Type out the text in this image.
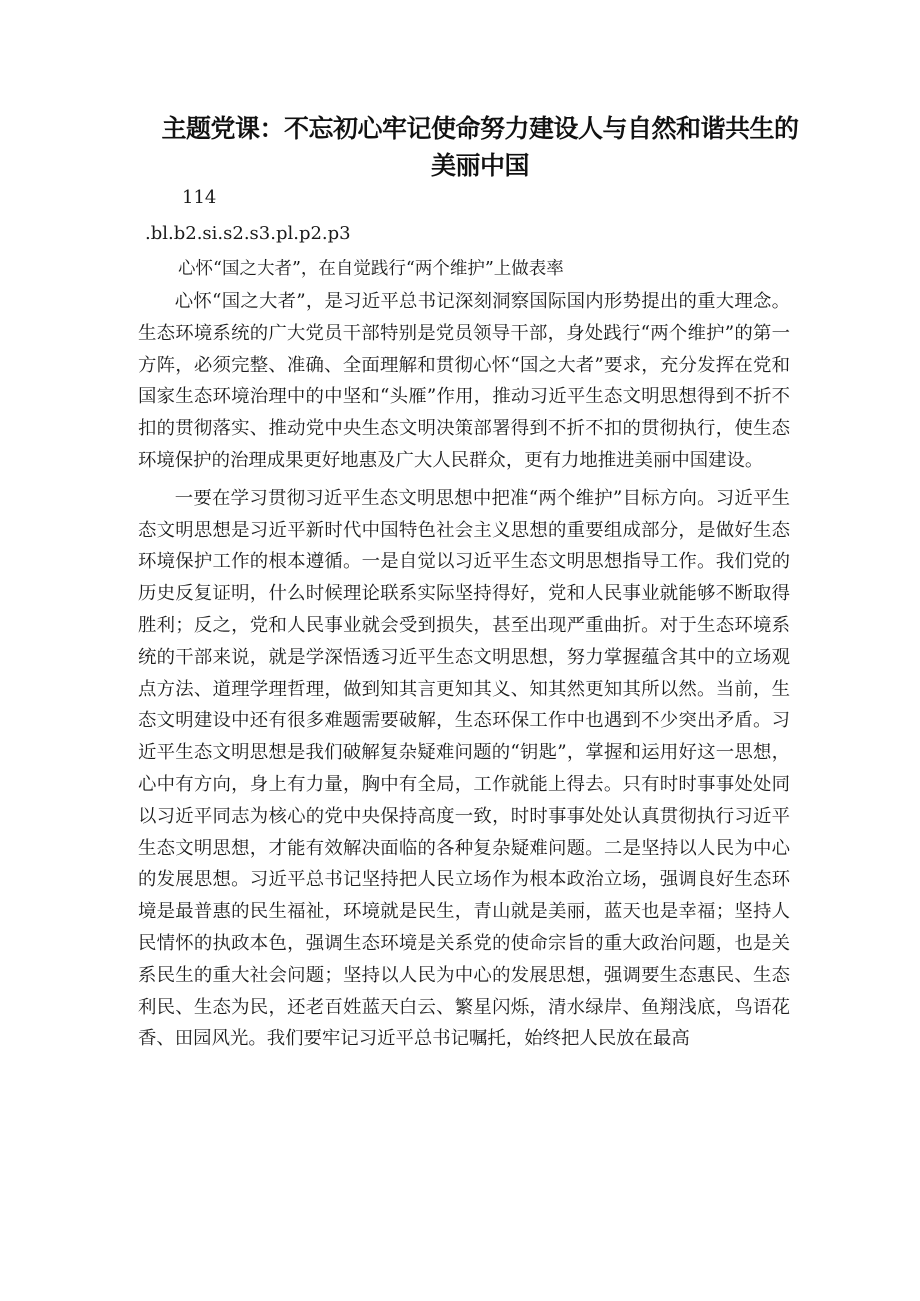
主题党课：不忘初心牢记使命努力建设人与自然和谐共生的美丽中国

114

.bl.b2.si.s2.s3.pl.p2.p3

心怀“国之大者”，在自觉践行“两个维护”上做表率

心怀“国之大者”，是习近平总书记深刻洞察国际国内形势提出的重大理念。生态环境系统的广大党员干部特别是党员领导干部，身处践行“两个维护”的第一方阵，必须完整、准确、全面理解和贯彻心怀“国之大者”要求，充分发挥在党和国家生态环境治理中的中坚和“头雁”作用，推动习近平生态文明思想得到不折不扣的贯彻落实、推动党中央生态文明决策部署得到不折不扣的贯彻执行，使生态环境保护的治理成果更好地惠及广大人民群众，更有力地推进美丽中国建设。

一要在学习贯彻习近平生态文明思想中把准“两个维护”目标方向。习近平生态文明思想是习近平新时代中国特色社会主义思想的重要组成部分，是做好生态环境保护工作的根本遵循。一是自觉以习近平生态文明思想指导工作。我们党的历史反复证明，什么时候理论联系实际坚持得好，党和人民事业就能够不断取得胜利；反之，党和人民事业就会受到损失，甚至出现严重曲折。对于生态环境系统的干部来说，就是学深悟透习近平生态文明思想，努力掌握蕴含其中的立场观点方法、道理学理哲理，做到知其言更知其义、知其然更知其所以然。当前，生态文明建设中还有很多难题需要破解，生态环保工作中也遇到不少突出矛盾。习近平生态文明思想是我们破解复杂疑难问题的“钥匙”，掌握和运用好这一思想，心中有方向，身上有力量，胸中有全局，工作就能上得去。只有时时事事处处同以习近平同志为核心的党中央保持高度一致，时时事事处处认真贯彻执行习近平生态文明思想，才能有效解决面临的各种复杂疑难问题。二是坚持以人民为中心的发展思想。习近平总书记坚持把人民立场作为根本政治立场，强调良好生态环境是最普惠的民生福祉，环境就是民生，青山就是美丽，蓝天也是幸福；坚持人民情怀的执政本色，强调生态环境是关系党的使命宗旨的重大政治问题，也是关系民生的重大社会问题；坚持以人民为中心的发展思想，强调要生态惠民、生态利民、生态为民，还老百姓蓝天白云、繁星闪烁，清水绿岸、鱼翔浅底，鸟语花香、田园风光。我们要牢记习近平总书记嘱托，始终把人民放在最高
